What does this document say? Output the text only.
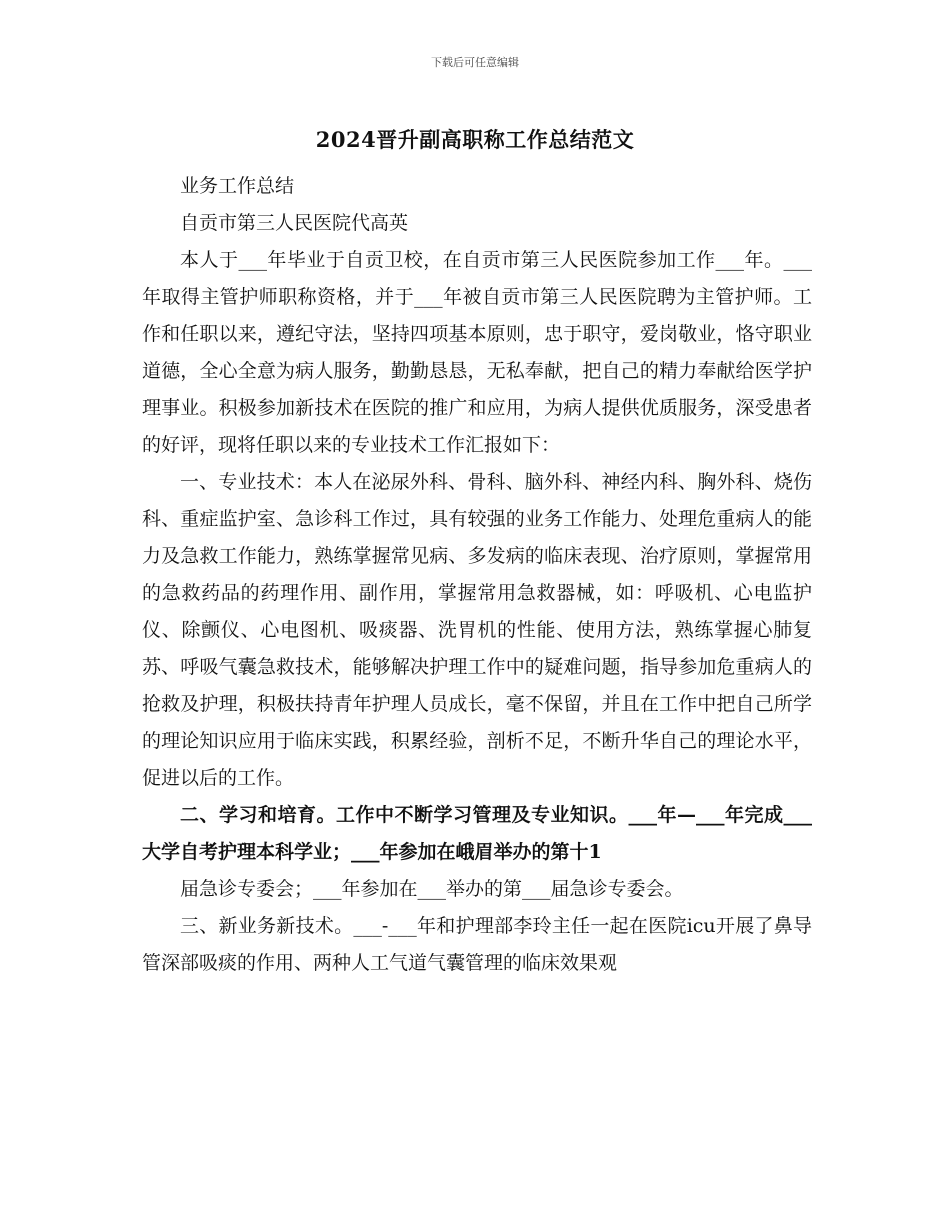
下载后可任意编辑
2024晋升副高职称工作总结范文

业务工作总结

自贡市第三人民医院代高英

本人于___年毕业于自贡卫校，在自贡市第三人民医院参加工作___年。___年取得主管护师职称资格，并于___年被自贡市第三人民医院聘为主管护师。工作和任职以来，遵纪守法，坚持四项基本原则，忠于职守，爱岗敬业，恪守职业道德，全心全意为病人服务，勤勤恳恳，无私奉献，把自己的精力奉献给医学护理事业。积极参加新技术在医院的推广和应用，为病人提供优质服务，深受患者的好评，现将任职以来的专业技术工作汇报如下：

一、专业技术：本人在泌尿外科、骨科、脑外科、神经内科、胸外科、烧伤科、重症监护室、急诊科工作过，具有较强的业务工作能力、处理危重病人的能力及急救工作能力，熟练掌握常见病、多发病的临床表现、治疗原则，掌握常用的急救药品的药理作用、副作用，掌握常用急救器械，如：呼吸机、心电监护仪、除颤仪、心电图机、吸痰器、洗胃机的性能、使用方法，熟练掌握心肺复苏、呼吸气囊急救技术，能够解决护理工作中的疑难问题，指导参加危重病人的抢救及护理，积极扶持青年护理人员成长，毫不保留，并且在工作中把自己所学的理论知识应用于临床实践，积累经验，剖析不足，不断升华自己的理论水平，促进以后的工作。

二、学习和培育。工作中不断学习管理及专业知识。___年—___年完成___大学自考护理本科学业；___年参加在峨眉举办的第十1

届急诊专委会；___年参加在___举办的第___届急诊专委会。

三、新业务新技术。___-___年和护理部李玲主任一起在医院icu开展了鼻导管深部吸痰的作用、两种人工气道气囊管理的临床效果观
